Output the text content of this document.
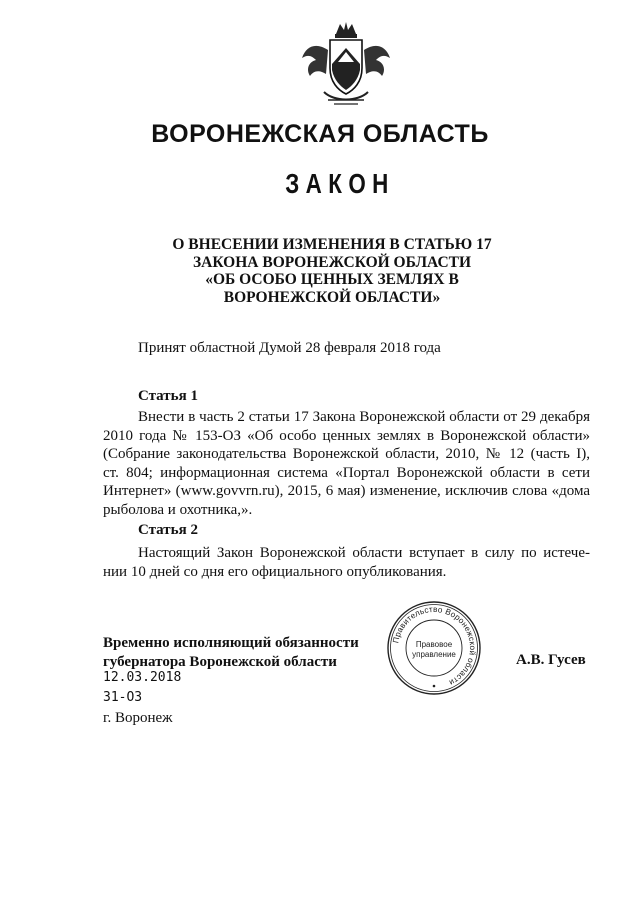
ВОРОНЕЖСКАЯ ОБЛАСТЬ
ЗАКОН
О ВНЕСЕНИИ ИЗМЕНЕНИЯ В СТАТЬЮ 17
ЗАКОНА ВОРОНЕЖСКОЙ ОБЛАСТИ
«ОБ ОСОБО ЦЕННЫХ ЗЕМЛЯХ В
ВОРОНЕЖСКОЙ ОБЛАСТИ»
Принят областной Думой 28 февраля 2018 года
Статья 1
Внести в часть 2 статьи 17 Закона Воронежской области от 29 декабря
2010 года № 153-ОЗ «Об особо ценных землях в Воронежской области»
(Собрание законодательства Воронежской области, 2010, № 12 (часть I),
ст. 804; информационная система «Портал Воронежской области в сети
Интернет» (www.govvrn.ru), 2015, 6 мая) изменение, исключив слова «дома
рыболова и охотника,».
Статья 2
Настоящий Закон Воронежской области вступает в силу по истече-
нии 10 дней со дня его официального опубликования.
Временно исполняющий обязанности
губернатора Воронежской области
Правительство Воронежской области
Правовое
управление	А.В. Гусев
12.03.2018
31-ОЗ
г. Воронеж
